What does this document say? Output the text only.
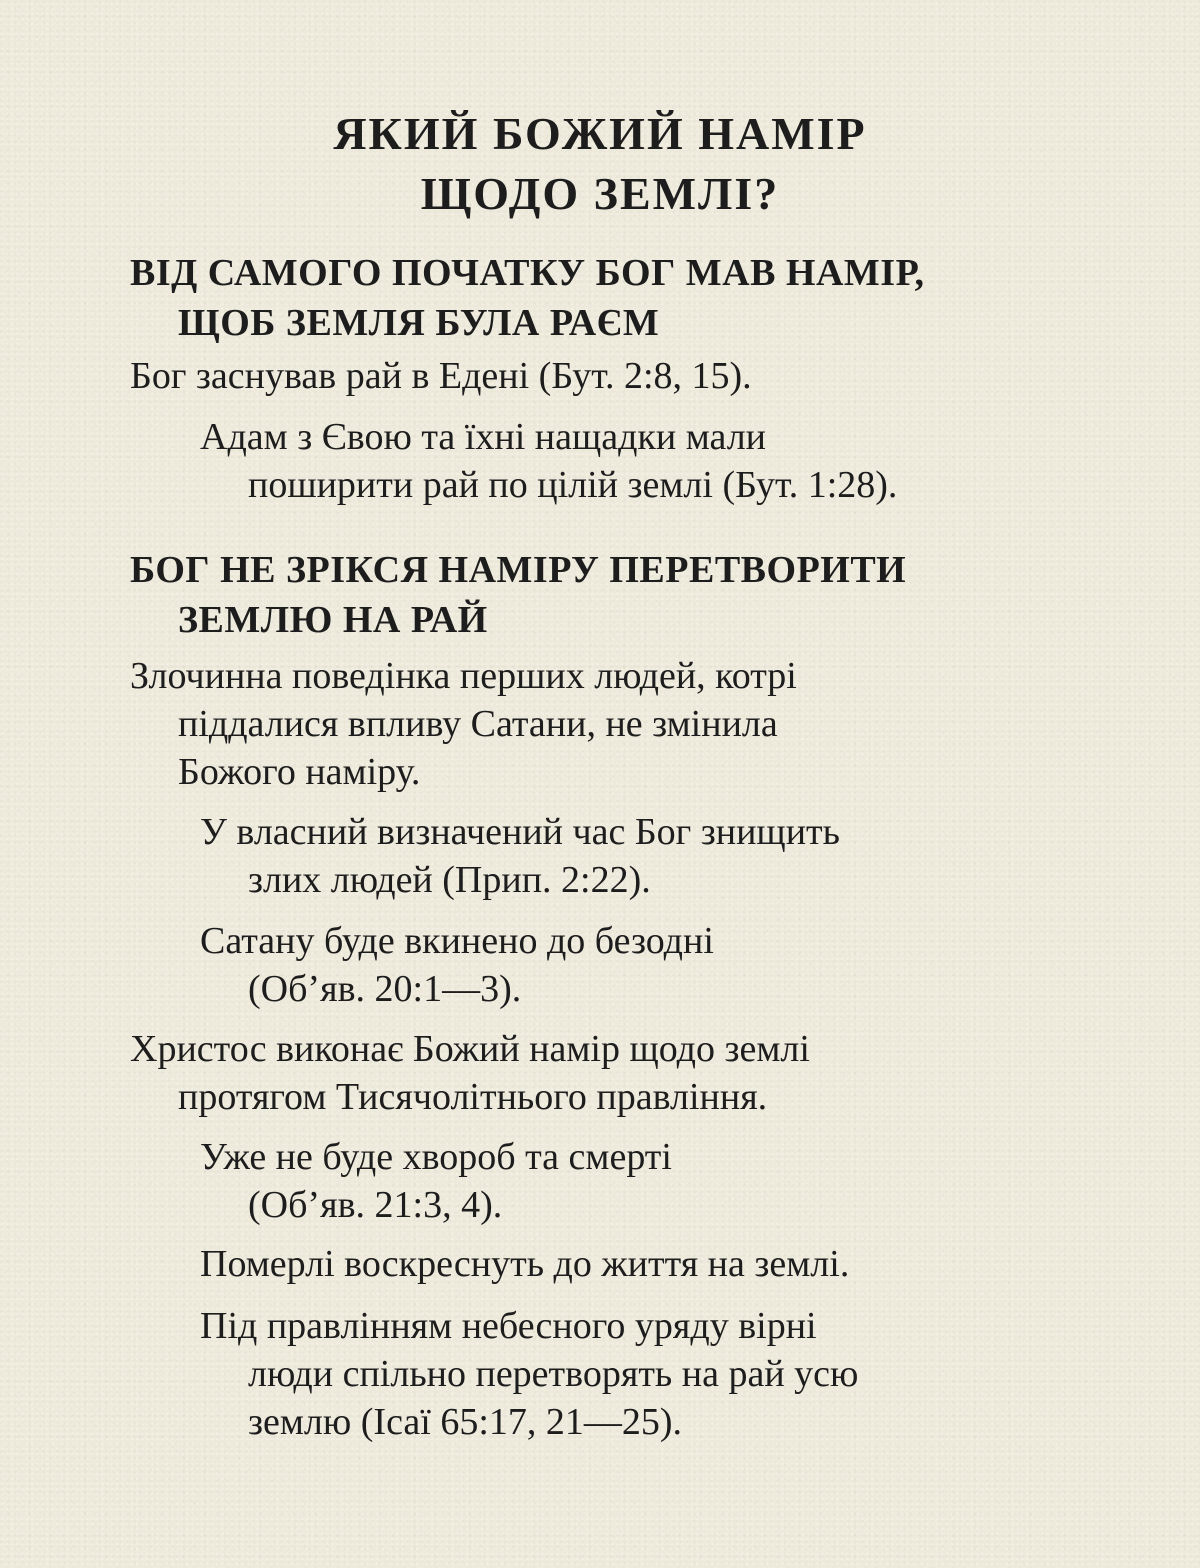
ЯКИЙ БОЖИЙ НАМІР
ЩОДО ЗЕМЛІ?
ВІД САМОГО ПОЧАТКУ БОГ МАВ НАМІР,
ЩОБ ЗЕМЛЯ БУЛА РАЄМ

Бог заснував рай в Едені (Бут. 2:8, 15).

Адам з Євою та їхні нащадки мали
поширити рай по цілій землі (Бут. 1:28).

БОГ НЕ ЗРІКСЯ НАМІРУ ПЕРЕТВОРИТИ
ЗЕМЛЮ НА РАЙ

Злочинна поведінка перших людей, котрі
піддалися впливу Сатани, не змінила
Божого наміру.

У власний визначений час Бог знищить
злих людей (Прип. 2:22).

Сатану буде вкинено до безодні
(Об’яв. 20:1—3).

Христос виконає Божий намір щодо землі
протягом Тисячолітнього правління.

Уже не буде хвороб та смерті
(Об’яв. 21:3, 4).

Померлі воскреснуть до життя на землі.

Під правлінням небесного уряду вірні
люди спільно перетворять на рай усю
землю (Ісаї 65:17, 21—25).
